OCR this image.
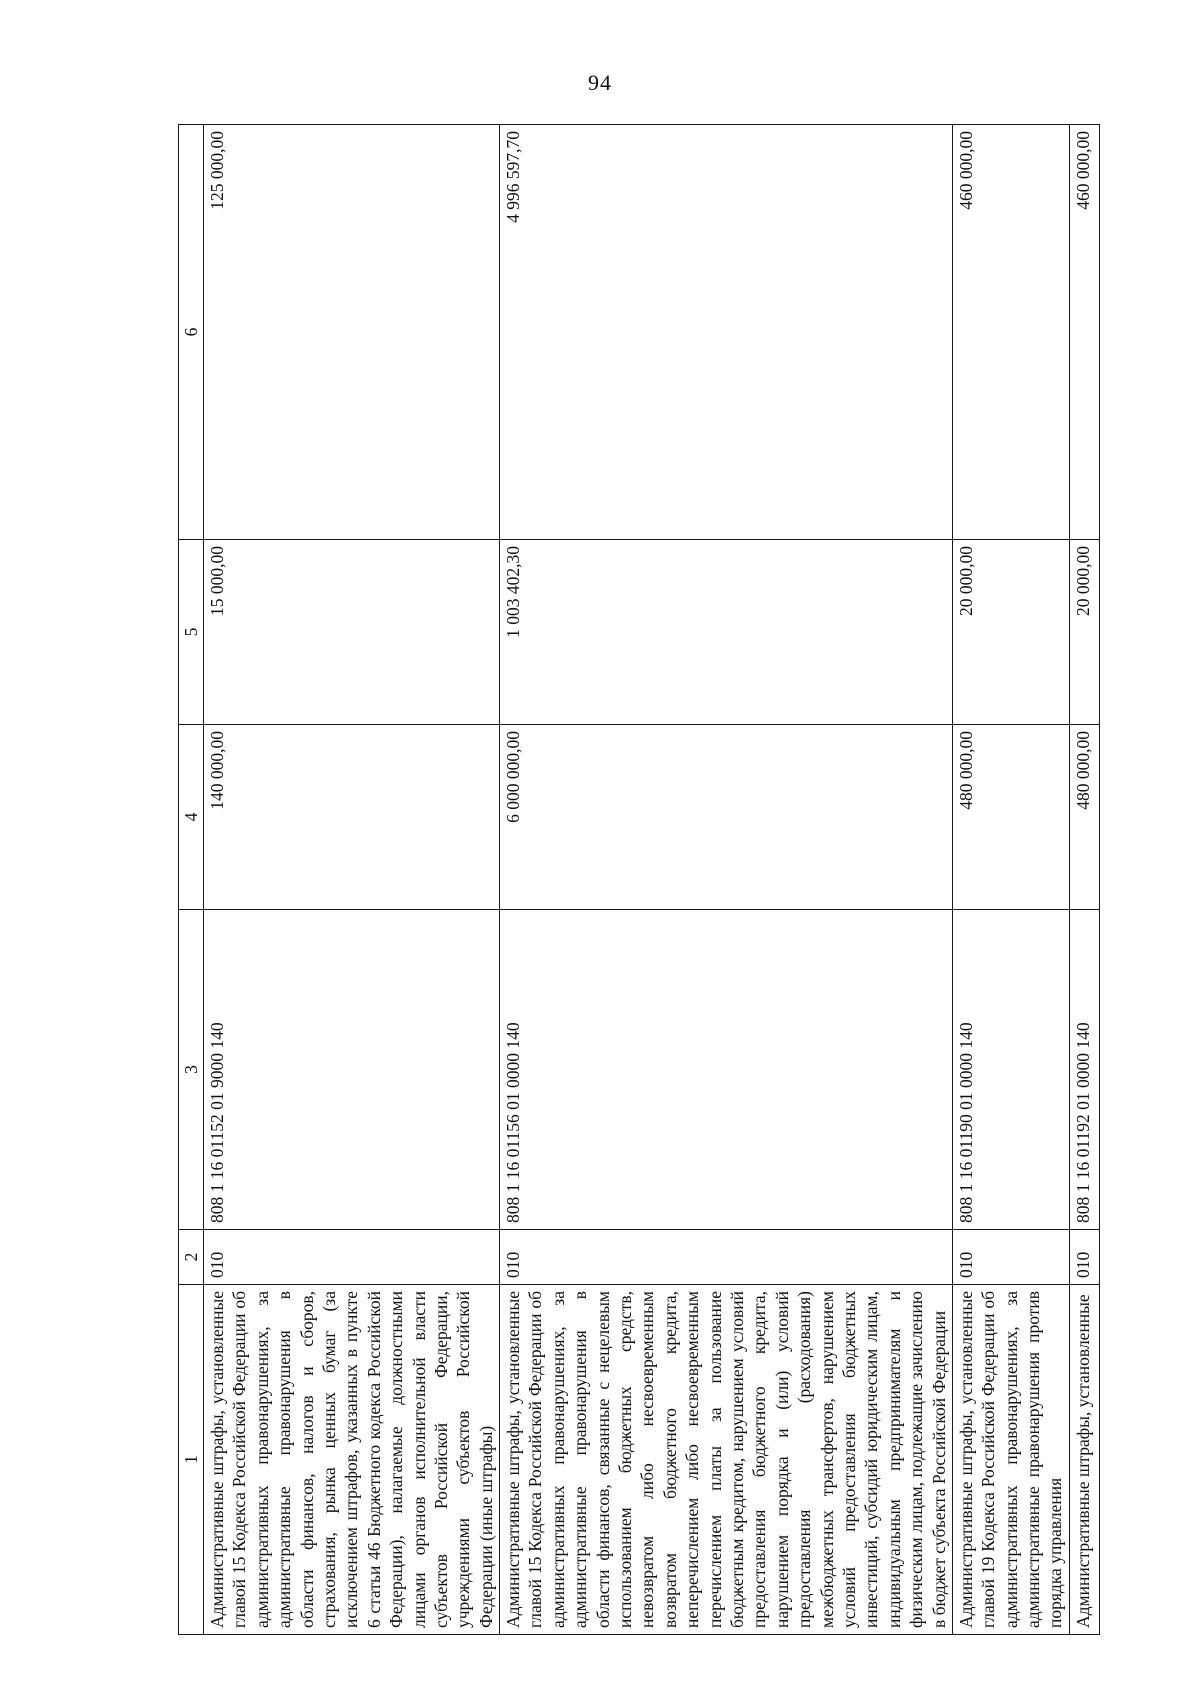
94
1	2	3	4	5	6
Административные штрафы, установленные главой 15 Кодекса Российской Федерации об административных правонарушениях, за административные правонарушения в области финансов, налогов и сборов, страхования, рынка ценных бумаг (за исключением штрафов, указанных в пункте 6 статьи 46 Бюджетного кодекса Российской Федерации), налагаемые должностными лицами органов исполнительной власти субъектов Российской Федерации, учреждениями субъектов Российской Федерации (иные штрафы)	010	808 1 16 01152 01 9000 140	140 000,00	15 000,00	125 000,00
Административные штрафы, установленные главой 15 Кодекса Российской Федерации об административных правонарушениях, за административные правонарушения в области финансов, связанные с нецелевым использованием бюджетных средств, невозвратом либо несвоевременным возвратом бюджетного кредита, неперечислением либо несвоевременным перечислением платы за пользование бюджетным кредитом, нарушением условий предоставления бюджетного кредита, нарушением порядка и (или) условий предоставления (расходования) межбюджетных трансфертов, нарушением условий предоставления бюджетных инвестиций, субсидий юридическим лицам, индивидуальным предпринимателям и физическим лицам, подлежащие зачислению в бюджет субъекта Российской Федерации	010	808 1 16 01156 01 0000 140	6 000 000,00	1 003 402,30	4 996 597,70
Административные штрафы, установленные главой 19 Кодекса Российской Федерации об административных правонарушениях, за административные правонарушения против порядка управления	010	808 1 16 01190 01 0000 140	480 000,00	20 000,00	460 000,00
Административные штрафы, установленные	010	808 1 16 01192 01 0000 140	480 000,00	20 000,00	460 000,00
